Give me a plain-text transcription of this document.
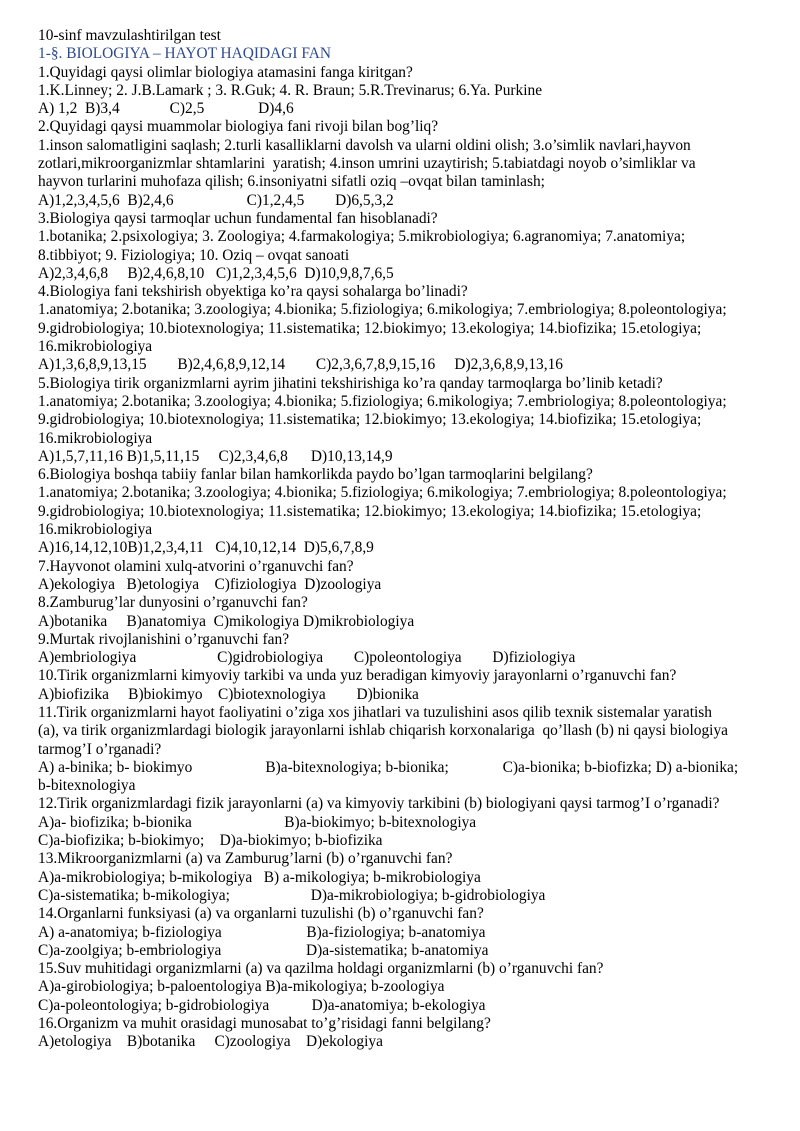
10-sinf mavzulashtirilgan test
1-§. BIOLOGIYA – HAYOT HAQIDAGI FAN
1.Quyidagi qaysi olimlar biologiya atamasini fanga kiritgan?
1.K.Linney; 2. J.B.Lamark ; 3. R.Guk; 4. R. Braun; 5.R.Trevinarus; 6.Ya. Purkine
A) 1,2  B)3,4             C)2,5              D)4,6
2.Quyidagi qaysi muammolar biologiya fani rivoji bilan bog’liq?
1.inson salomatligini saqlash; 2.turli kasalliklarni davolsh va ularni oldini olish; 3.o’simlik navlari,hayvon
zotlari,mikroorganizmlar shtamlarini  yaratish; 4.inson umrini uzaytirish; 5.tabiatdagi noyob o’simliklar va
hayvon turlarini muhofaza qilish; 6.insoniyatni sifatli oziq –ovqat bilan taminlash;
A)1,2,3,4,5,6  B)2,4,6                   C)1,2,4,5        D)6,5,3,2
3.Biologiya qaysi tarmoqlar uchun fundamental fan hisoblanadi?
1.botanika; 2.psixologiya; 3. Zoologiya; 4.farmakologiya; 5.mikrobiologiya; 6.agranomiya; 7.anatomiya;
8.tibbiyot; 9. Fiziologiya; 10. Oziq – ovqat sanoati
A)2,3,4,6,8     B)2,4,6,8,10   C)1,2,3,4,5,6  D)10,9,8,7,6,5
4.Biologiya fani tekshirish obyektiga ko’ra qaysi sohalarga bo’linadi?
1.anatomiya; 2.botanika; 3.zoologiya; 4.bionika; 5.fiziologiya; 6.mikologiya; 7.embriologiya; 8.poleontologiya;
9.gidrobiologiya; 10.biotexnologiya; 11.sistematika; 12.biokimyo; 13.ekologiya; 14.biofizika; 15.etologiya;
16.mikrobiologiya
A)1,3,6,8,9,13,15        B)2,4,6,8,9,12,14        C)2,3,6,7,8,9,15,16     D)2,3,6,8,9,13,16
5.Biologiya tirik organizmlarni ayrim jihatini tekshirishiga ko’ra qanday tarmoqlarga bo’linib ketadi?
1.anatomiya; 2.botanika; 3.zoologiya; 4.bionika; 5.fiziologiya; 6.mikologiya; 7.embriologiya; 8.poleontologiya;
9.gidrobiologiya; 10.biotexnologiya; 11.sistematika; 12.biokimyo; 13.ekologiya; 14.biofizika; 15.etologiya;
16.mikrobiologiya
A)1,5,7,11,16 B)1,5,11,15     C)2,3,4,6,8      D)10,13,14,9
6.Biologiya boshqa tabiiy fanlar bilan hamkorlikda paydo bo’lgan tarmoqlarini belgilang?
1.anatomiya; 2.botanika; 3.zoologiya; 4.bionika; 5.fiziologiya; 6.mikologiya; 7.embriologiya; 8.poleontologiya;
9.gidrobiologiya; 10.biotexnologiya; 11.sistematika; 12.biokimyo; 13.ekologiya; 14.biofizika; 15.etologiya;
16.mikrobiologiya
A)16,14,12,10B)1,2,3,4,11   C)4,10,12,14  D)5,6,7,8,9
7.Hayvonot olamini xulq-atvorini o’rganuvchi fan?
A)ekologiya   B)etologiya    C)fiziologiya  D)zoologiya
8.Zamburug’lar dunyosini o’rganuvchi fan?
A)botanika     B)anatomiya  C)mikologiya D)mikrobiologiya
9.Murtak rivojlanishini o’rganuvchi fan?
A)embriologiya                     C)gidrobiologiya        C)poleontologiya        D)fiziologiya
10.Tirik organizmlarni kimyoviy tarkibi va unda yuz beradigan kimyoviy jarayonlarni o’rganuvchi fan?
A)biofizika     B)biokimyo    C)biotexnologiya        D)bionika
11.Tirik organizmlarni hayot faoliyatini o’ziga xos jihatlari va tuzulishini asos qilib texnik sistemalar yaratish
(a), va tirik organizmlardagi biologik jarayonlarni ishlab chiqarish korxonalariga  qo’llash (b) ni qaysi biologiya
tarmog’I o’rganadi?
A) a-binika; b- biokimyo                   B)a-bitexnologiya; b-bionika;              C)a-bionika; b-biofizka; D) a-bionika;
b-bitexnologiya
12.Tirik organizmlardagi fizik jarayonlarni (a) va kimyoviy tarkibini (b) biologiyani qaysi tarmog’I o’rganadi?
A)a- biofizika; b-bionika                        B)a-biokimyo; b-bitexnologiya
C)a-biofizika; b-biokimyo;    D)a-biokimyo; b-biofizika
13.Mikroorganizmlarni (a) va Zamburug’larni (b) o’rganuvchi fan?
A)a-mikrobiologiya; b-mikologiya   B) a-mikologiya; b-mikrobiologiya
C)a-sistematika; b-mikologiya;                     D)a-mikrobiologiya; b-gidrobiologiya
14.Organlarni funksiyasi (a) va organlarni tuzulishi (b) o’rganuvchi fan?
A) a-anatomiya; b-fiziologiya                      B)a-fiziologiya; b-anatomiya
C)a-zoolgiya; b-embriologiya                      D)a-sistematika; b-anatomiya
15.Suv muhitidagi organizmlarni (a) va qazilma holdagi organizmlarni (b) o’rganuvchi fan?
A)a-girobiologiya; b-paloentologiya B)a-mikologiya; b-zoologiya
C)a-poleontologiya; b-gidrobiologiya           D)a-anatomiya; b-ekologiya
16.Organizm va muhit orasidagi munosabat to’g’risidagi fanni belgilang?
A)etologiya    B)botanika     C)zoologiya    D)ekologiya
